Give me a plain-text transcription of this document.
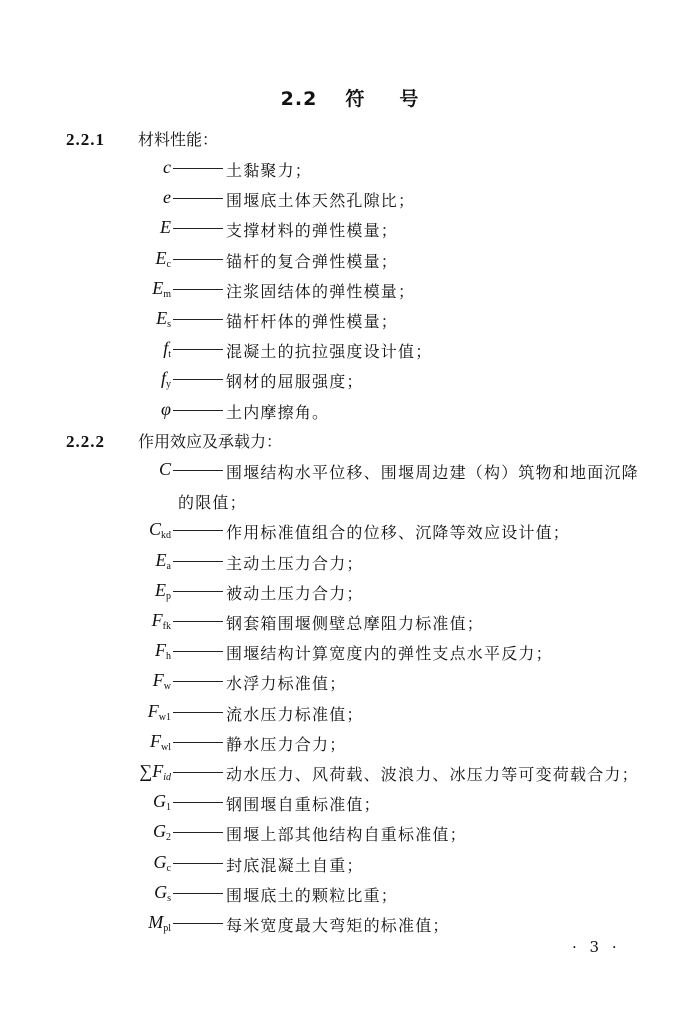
2.2 符 号
2.2.1 材料性能：
c	土黏聚力；
e	围堰底土体天然孔隙比；
E	支撑材料的弹性模量；
$E_c$	锚杆的复合弹性模量；
$E_m$	注浆固结体的弹性模量；
$E_s$	锚杆杆体的弹性模量；
$f_t$	混凝土的抗拉强度设计值；
$f_y$	钢材的屈服强度；
φ	土内摩擦角。
2.2.2 作用效应及承载力：
C	围堰结构水平位移、围堰周边建（构）筑物和地面沉降
的限值；
$C_{kd}$	作用标准值组合的位移、沉降等效应设计值；
$E_a$	主动土压力合力；
$E_p$	被动土压力合力；
$F_{fk}$	钢套箱围堰侧壁总摩阻力标准值；
$F_h$	围堰结构计算宽度内的弹性支点水平反力；
$F_w$	水浮力标准值；
$F_{w1}$	流水压力标准值；
$F_{wl}$	静水压力合力；
$\sum F_{id}$	动水压力、风荷载、波浪力、冰压力等可变荷载合力；
$G_1$	钢围堰自重标准值；
$G_2$	围堰上部其他结构自重标准值；
$G_c$	封底混凝土自重；
$G_s$	围堰底土的颗粒比重；
$M_{pl}$	每米宽度最大弯矩的标准值；
· 3 ·
